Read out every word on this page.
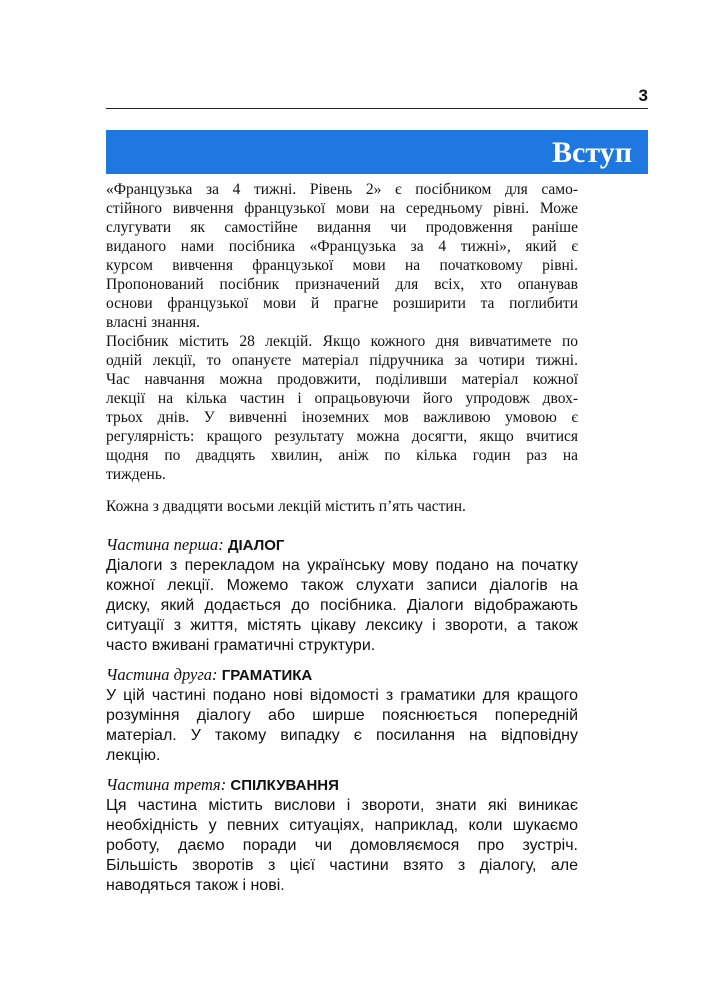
3
Вступ
«Французька за 4 тижні. Рівень 2» є посібником для само-
стійного вивчення французької мови на середньому рівні. Може
слугувати як самостійне видання чи продовження раніше
виданого нами посібника «Французька за 4 тижні», який є
курсом вивчення французької мови на початковому рівні.
Пропонований посібник призначений для всіх, хто опанував
основи французької мови й прагне розширити та поглибити
власні знання.
Посібник містить 28 лекцій. Якщо кожного дня вивчатимете по
одній лекції, то опануєте матеріал підручника за чотири тижні.
Час навчання можна продовжити, поділивши матеріал кожної
лекції на кілька частин і опрацьовуючи його упродовж двох-
трьох днів. У вивченні іноземних мов важливою умовою є
регулярність: кращого результату можна досягти, якщо вчитися
щодня по двадцять хвилин, аніж по кілька годин раз на
тиждень.
Кожна з двадцяти восьми лекцій містить п’ять частин.
Частина перша: ДІАЛОГ
Діалоги з перекладом на українську мову подано на початку
кожної лекції. Можемо також слухати записи діалогів на
диску, який додається до посібника. Діалоги відображають
ситуації з життя, містять цікаву лексику і звороти, а також
часто вживані граматичні структури.
Частина друга: ГРАМАТИКА
У цій частині подано нові відомості з граматики для кращого
розуміння діалогу або ширше пояснюється попередній
матеріал. У такому випадку є посилання на відповідну
лекцію.
Частина третя: СПІЛКУВАННЯ
Ця частина містить вислови і звороти, знати які виникає
необхідність у певних ситуаціях, наприклад, коли шукаємо
роботу, даємо поради чи домовляємося про зустріч.
Більшість зворотів з цієї частини взято з діалогу, але
наводяться також і нові.
